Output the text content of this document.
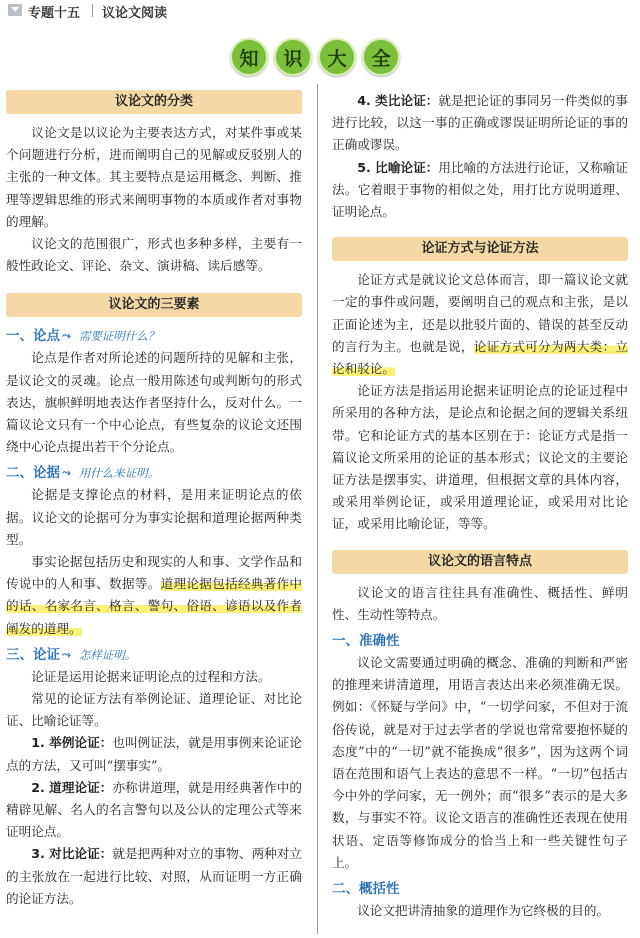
专题十五 议论文阅读
知	识	大	全
议论文的分类

议论文是以议论为主要表达方式，对某件事或某个问题进行分析，进而阐明自己的见解或反驳别人的主张的一种文体。其主要特点是运用概念、判断、推理等逻辑思维的形式来阐明事物的本质或作者对事物的理解。

议论文的范围很广，形式也多种多样，主要有一般性政论文、评论、杂文、演讲稿、读后感等。

议论文的三要素
一、论点 ⤳ 需要证明什么？

论点是作者对所论述的问题所持的见解和主张，是议论文的灵魂。论点一般用陈述句或判断句的形式表达，旗帜鲜明地表达作者坚持什么，反对什么。一篇议论文只有一个中心论点，有些复杂的议论文还围绕中心论点提出若干个分论点。

二、论据 ⤳ 用什么来证明。

论据是支撑论点的材料，是用来证明论点的依据。议论文的论据可分为事实论据和道理论据两种类型。

事实论据包括历史和现实的人和事、文学作品和传说中的人和事、数据等。道理论据包括经典著作中的话、名家名言、格言、警句、俗语、谚语以及作者阐发的道理。

三、论证 ⤳ 怎样证明。

论证是运用论据来证明论点的过程和方法。

常见的论证方法有举例论证、道理论证、对比论证、比喻论证等。

1. 举例论证：也叫例证法，就是用事例来论证论点的方法，又可叫“摆事实”。

2. 道理论证：亦称讲道理，就是用经典著作中的精辟见解、名人的名言警句以及公认的定理公式等来证明论点。

3. 对比论证：就是把两种对立的事物、两种对立的主张放在一起进行比较、对照，从而证明一方正确的论证方法。

4. 类比论证：就是把论证的事同另一件类似的事进行比较，以这一事的正确或谬误证明所论证的事的正确或谬误。

5. 比喻论证：用比喻的方法进行论证，又称喻证法。它着眼于事物的相似之处，用打比方说明道理、证明论点。

论证方式与论证方法

论证方式是就议论文总体而言，即一篇议论文就一定的事件或问题，要阐明自己的观点和主张，是以正面论述为主，还是以批驳片面的、错误的甚至反动的言行为主。也就是说，论证方式可分为两大类：立论和驳论。

论证方法是指运用论据来证明论点的论证过程中所采用的各种方法，是论点和论据之间的逻辑关系纽带。它和论证方式的基本区别在于：论证方式是指一篇议论文所采用的论证的基本形式；议论文的主要论证方法是摆事实、讲道理，但根据文章的具体内容，或采用举例论证，或采用道理论证，或采用对比论证，或采用比喻论证，等等。

议论文的语言特点

议论文的语言往往具有准确性、概括性、鲜明性、生动性等特点。

一、准确性

议论文需要通过明确的概念、准确的判断和严密的推理来讲清道理，用语言表达出来必须准确无误。例如：《怀疑与学问》中，“一切学问家，不但对于流俗传说，就是对于过去学者的学说也常常要抱怀疑的态度”中的“一切”就不能换成“很多”，因为这两个词语在范围和语气上表达的意思不一样。“一切”包括古今中外的学问家，无一例外；而“很多”表示的是大多数，与事实不符。议论文语言的准确性还表现在使用状语、定语等修饰成分的恰当上和一些关键性句子上。

二、概括性

议论文把讲清抽象的道理作为它终极的目的。
